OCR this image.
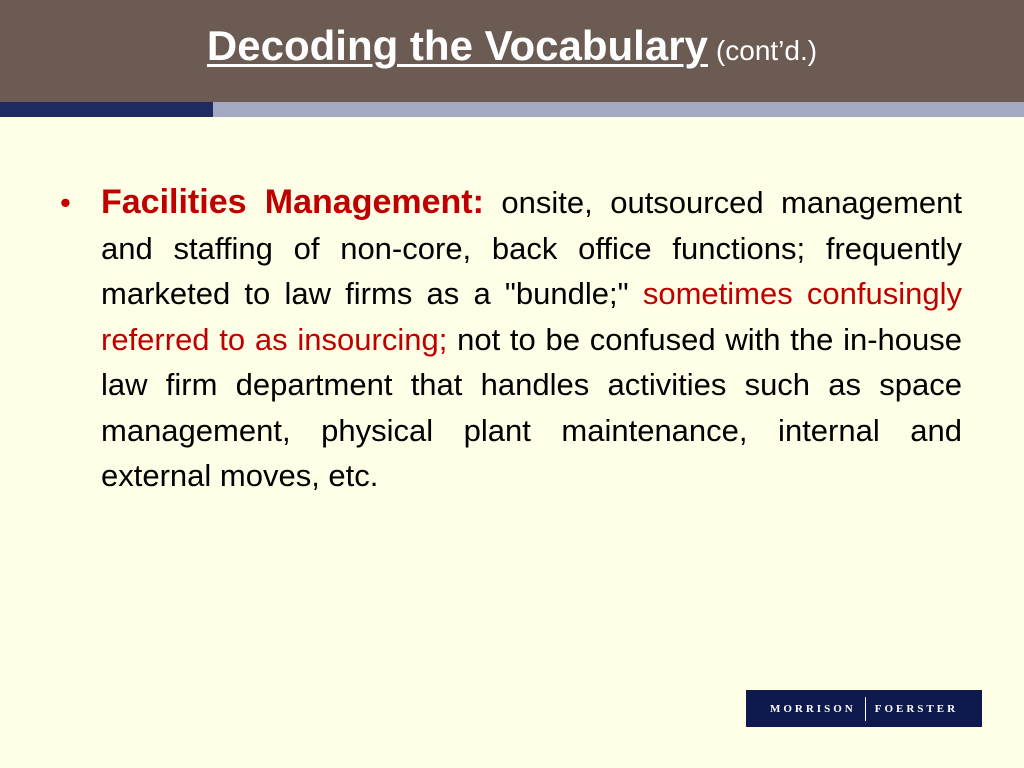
Decoding the Vocabulary (cont’d.)
• Facilities Management: onsite, outsourced management and staffing of non-core, back office functions; frequently marketed to law firms as a "bundle;" sometimes confusingly referred to as insourcing; not to be confused with the in-house law firm department that handles activities such as space management, physical plant maintenance, internal and external moves, etc.
MORRISON FOERSTER
